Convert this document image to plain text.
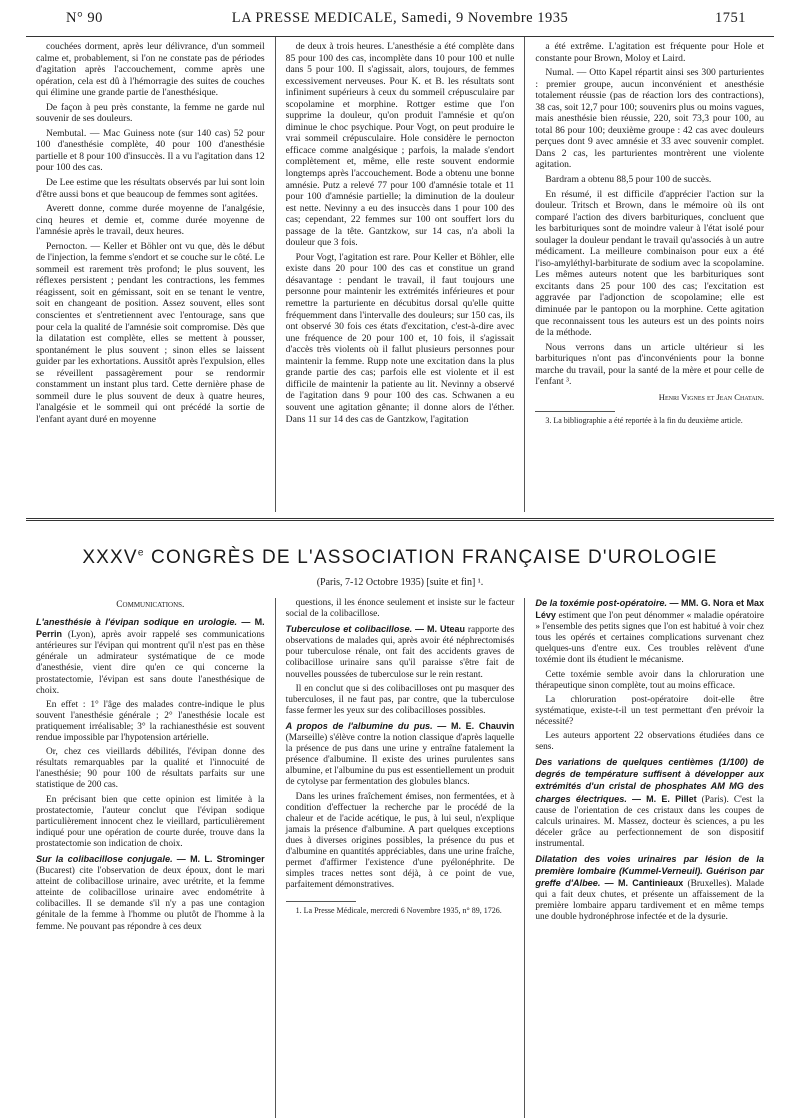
N° 90	LA PRESSE MEDICALE, Samedi, 9 Novembre 1935	1751

couchées dorment, après leur délivrance, d'un sommeil calme et, probablement, si l'on ne constate pas de périodes d'agitation après l'accouchement, comme après une opération, cela est dû à l'hémorragie des suites de couches qui élimine une grande partie de l'anesthésique.

De façon à peu près constante, la femme ne garde nul souvenir de ses douleurs.

Nembutal. — Mac Guiness note (sur 140 cas) 52 pour 100 d'anesthésie complète, 40 pour 100 d'anesthésie partielle et 8 pour 100 d'insuccès. Il a vu l'agitation dans 12 pour 100 des cas.

De Lee estime que les résultats observés par lui sont loin d'être aussi bons et que beaucoup de femmes sont agitées.

Averett donne, comme durée moyenne de l'analgésie, cinq heures et demie et, comme durée moyenne de l'amnésie après le travail, deux heures.

Pernocton. — Keller et Böhler ont vu que, dès le début de l'injection, la femme s'endort et se couche sur le côté. Le sommeil est rarement très profond; le plus souvent, les réflexes persistent ; pendant les contractions, les femmes réagissent, soit en gémissant, soit en se tenant le ventre, soit en changeant de position. Assez souvent, elles sont conscientes et s'entretiennent avec l'entourage, sans que pour cela la qualité de l'amnésie soit compromise. Dès que la dilatation est complète, elles se mettent à pousser, spontanément le plus souvent ; sinon elles se laissent guider par les exhortations. Aussitôt après l'expulsion, elles se réveillent passagèrement pour se rendormir constamment un instant plus tard. Cette dernière phase de sommeil dure le plus souvent de deux à quatre heures, l'analgésie et le sommeil qui ont précédé la sortie de l'enfant ayant duré en moyenne

de deux à trois heures. L'anesthésie a été complète dans 85 pour 100 des cas, incomplète dans 10 pour 100 et nulle dans 5 pour 100. Il s'agissait, alors, toujours, de femmes excessivement nerveuses. Pour K. et B. les résultats sont infiniment supérieurs à ceux du sommeil crépusculaire par scopolamine et morphine. Rottger estime que l'on supprime la douleur, qu'on produit l'amnésie et qu'on diminue le choc psychique. Pour Vogt, on peut produire le vrai sommeil crépusculaire. Hole considère le pernocton efficace comme analgésique ; parfois, la malade s'endort complètement et, même, elle reste souvent endormie longtemps après l'accouchement. Bode a obtenu une bonne amnésie. Putz a relevé 77 pour 100 d'amnésie totale et 11 pour 100 d'amnésie partielle; la diminution de la douleur est nette. Nevinny a eu des insuccès dans 1 pour 100 des cas; cependant, 22 femmes sur 100 ont souffert lors du passage de la tête. Gantzkow, sur 14 cas, n'a aboli la douleur que 3 fois.

Pour Vogt, l'agitation est rare. Pour Keller et Böhler, elle existe dans 20 pour 100 des cas et constitue un grand désavantage : pendant le travail, il faut toujours une personne pour maintenir les extrémités inférieures et pour remettre la parturiente en décubitus dorsal qu'elle quitte fréquemment dans l'intervalle des douleurs; sur 150 cas, ils ont observé 30 fois ces états d'excitation, c'est-à-dire avec une fréquence de 20 pour 100 et, 10 fois, il s'agissait d'accès très violents où il fallut plusieurs personnes pour maintenir la femme. Rupp note une excitation dans la plus grande partie des cas; parfois elle est violente et il est difficile de maintenir la patiente au lit. Nevinny a observé de l'agitation dans 9 pour 100 des cas. Schwanen a eu souvent une agitation gênante; il donne alors de l'éther. Dans 11 sur 14 des cas de Gantzkow, l'agitation

a été extrême. L'agitation est fréquente pour Hole et constante pour Brown, Moloy et Laird.

Numal. — Otto Kapel répartit ainsi ses 300 parturientes : premier groupe, aucun inconvénient et anesthésie totalement réussie (pas de réaction lors des contractions), 38 cas, soit 12,7 pour 100; souvenirs plus ou moins vagues, mais anesthésie bien réussie, 220, soit 73,3 pour 100, au total 86 pour 100; deuxième groupe : 42 cas avec douleurs perçues dont 9 avec amnésie et 33 avec souvenir complet. Dans 2 cas, les parturientes montrèrent une violente agitation.

Bardram a obtenu 88,5 pour 100 de succès.

En résumé, il est difficile d'apprécier l'action sur la douleur. Tritsch et Brown, dans le mémoire où ils ont comparé l'action des divers barbituriques, concluent que les barbituriques sont de moindre valeur à l'état isolé pour soulager la douleur pendant le travail qu'associés à un autre médicament. La meilleure combinaison pour eux a été l'iso-amyléthyl-barbiturate de sodium avec la scopolamine. Les mêmes auteurs notent que les barbituriques sont excitants dans 25 pour 100 des cas; l'excitation est aggravée par l'adjonction de scopolamine; elle est diminuée par le pantopon ou la morphine. Cette agitation que reconnaissent tous les auteurs est un des points noirs de la méthode.

Nous verrons dans un article ultérieur si les barbituriques n'ont pas d'inconvénients pour la bonne marche du travail, pour la santé de la mère et pour celle de l'enfant ³.

Henri Vignes et Jean Chatain.
3. La bibliographie a été reportée à la fin du deuxième article.
XXXVe CONGRÈS DE L'ASSOCIATION FRANÇAISE D'UROLOGIE
(Paris, 7-12 Octobre 1935) [suite et fin] ¹.
Communications.

L'anesthésie à l'évipan sodique en urologie. — M. Perrin (Lyon), après avoir rappelé ses communications antérieures sur l'évipan qui montrent qu'il n'est pas en thèse générale un admirateur systématique de ce mode d'anesthésie, vient dire qu'en ce qui concerne la prostatectomie, l'évipan est sans doute l'anesthésique de choix.

En effet : 1° l'âge des malades contre-indique le plus souvent l'anesthésie générale ; 2° l'anesthésie locale est pratiquement irréalisable; 3° la rachianesthésie est souvent rendue impossible par l'hypotension artérielle.

Or, chez ces vieillards débilités, l'évipan donne des résultats remarquables par la qualité et l'innocuité de l'anesthésie; 90 pour 100 de résultats parfaits sur une statistique de 200 cas.

En précisant bien que cette opinion est limitée à la prostatectomie, l'auteur conclut que l'évipan sodique particulièrement innocent chez le vieillard, particulièrement indiqué pour une opération de courte durée, trouve dans la prostatectomie son indication de choix.

Sur la colibacillose conjugale. — M. L. Strominger (Bucarest) cite l'observation de deux époux, dont le mari atteint de colibacillose urinaire, avec urétrite, et la femme atteinte de colibacillose urinaire avec endométrite à colibacilles. Il se demande s'il n'y a pas une contagion génitale de la femme à l'homme ou plutôt de l'homme à la femme. Ne pouvant pas répondre à ces deux

questions, il les énonce seulement et insiste sur le facteur social de la colibacillose.

Tuberculose et colibacillose. — M. Uteau rapporte des observations de malades qui, après avoir été néphrectomisés pour tuberculose rénale, ont fait des accidents graves de colibacillose urinaire sans qu'il paraisse s'être fait de nouvelles poussées de tuberculose sur le rein restant.

Il en conclut que si des colibacilloses ont pu masquer des tuberculoses, il ne faut pas, par contre, que la tuberculose fasse fermer les yeux sur des colibacilloses possibles.

A propos de l'albumine du pus. — M. E. Chauvin (Marseille) s'élève contre la notion classique d'après laquelle la présence de pus dans une urine y entraîne fatalement la présence d'albumine. Il existe des urines purulentes sans albumine, et l'albumine du pus est essentiellement un produit de cytolyse par fermentation des globules blancs.

Dans les urines fraîchement émises, non fermentées, et à condition d'effectuer la recherche par le procédé de la chaleur et de l'acide acétique, le pus, à lui seul, n'explique jamais la présence d'albumine. A part quelques exceptions dues à diverses origines possibles, la présence du pus et d'albumine en quantités appréciables, dans une urine fraîche, permet d'affirmer l'existence d'une pyélonéphrite. De simples traces nettes sont déjà, à ce point de vue, parfaitement démonstratives.

1. La Presse Médicale, mercredi 6 Novembre 1935, n° 89, 1726.

De la toxémie post-opératoire. — MM. G. Nora et Max Lévy estiment que l'on peut dénommer « maladie opératoire » l'ensemble des petits signes que l'on est habitué à voir chez tous les opérés et certaines complications survenant chez quelques-uns d'entre eux. Ces troubles relèvent d'une toxémie dont ils étudient le mécanisme.

Cette toxémie semble avoir dans la chloruration une thérapeutique sinon complète, tout au moins efficace.

La chloruration post-opératoire doit-elle être systématique, existe-t-il un test permettant d'en prévoir la nécessité?

Les auteurs apportent 22 observations étudiées dans ce sens.

Des variations de quelques centièmes (1/100) de degrés de température suffisent à développer aux extrémités d'un cristal de phosphates AM MG des charges électriques. — M. E. Pillet (Paris). C'est la cause de l'orientation de ces cristaux dans les coupes de calculs urinaires. M. Massez, docteur ès sciences, a pu les déceler grâce au perfectionnement de son dispositif instrumental.

Dilatation des voies urinaires par lésion de la première lombaire (Kummel-Verneuil). Guérison par greffe d'Albee. — M. Cantinieaux (Bruxelles). Malade qui a fait deux chutes, et présente un affaissement de la première lombaire apparu tardivement et en même temps une double hydronéphrose infectée et de la dysurie.
